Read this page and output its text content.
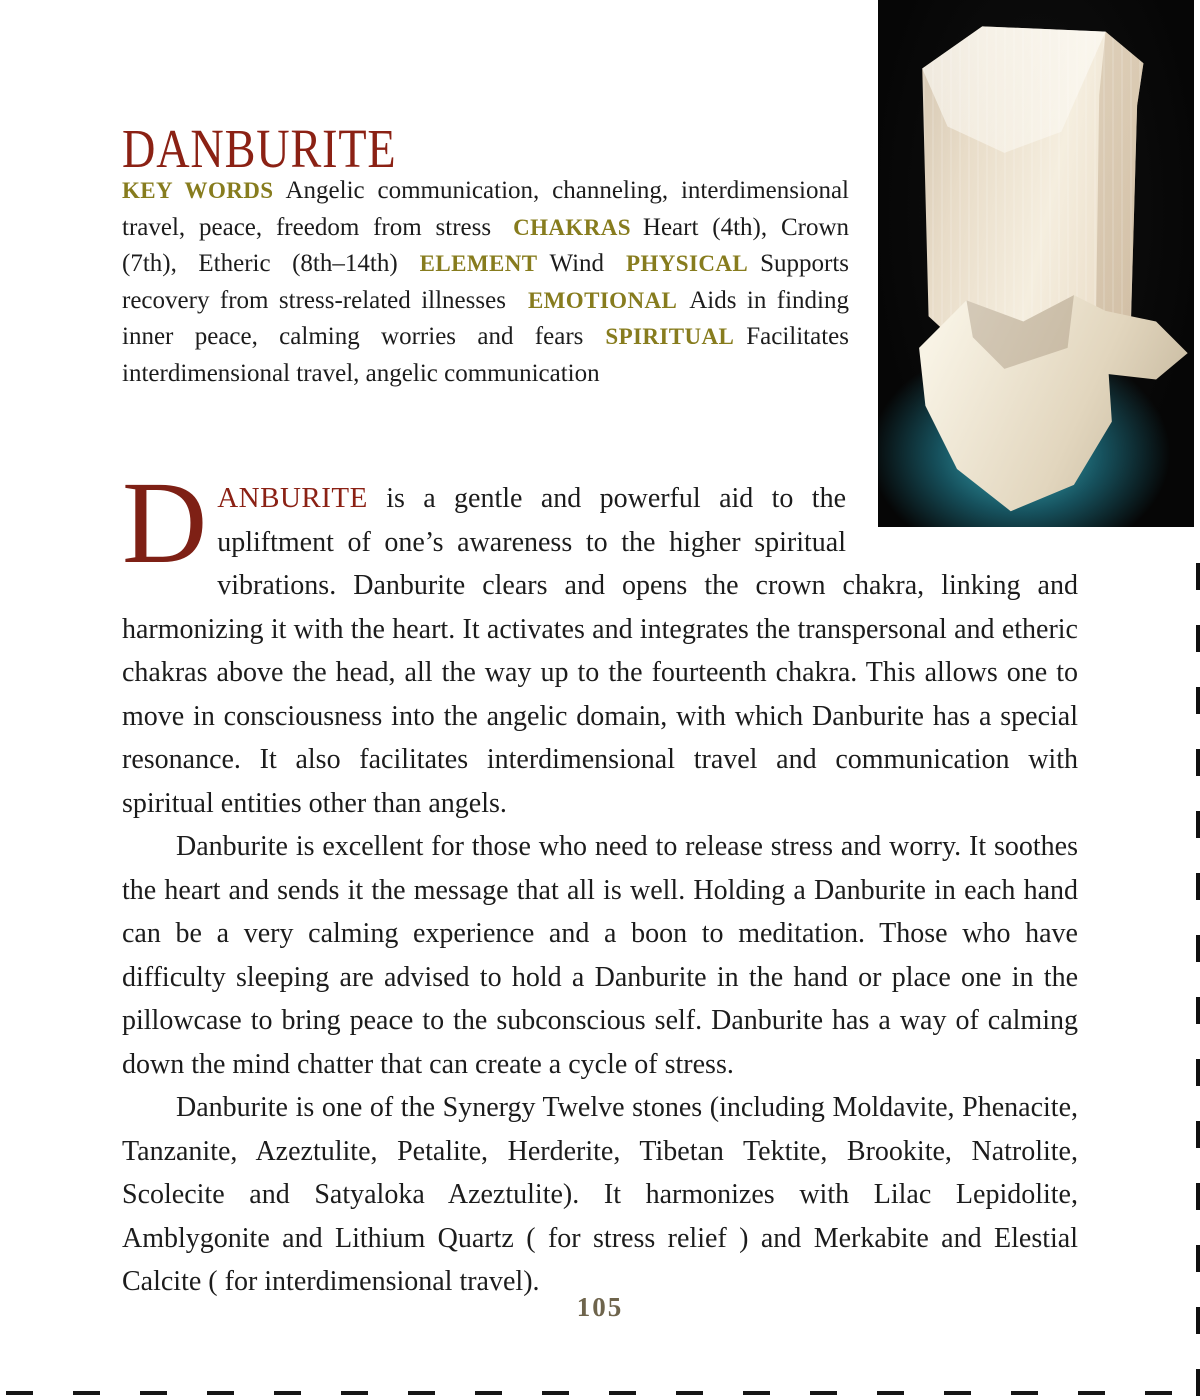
DANBURITE

KEY WORDS Angelic communication, channeling, interdimensional travel, peace, freedom from stress CHAKRAS Heart (4th), Crown (7th), Etheric (8th–14th) ELEMENT Wind PHYSICAL Supports recovery from stress-related illnesses EMOTIONAL Aids in finding inner peace, calming worries and fears SPIRITUAL Facilitates interdimensional travel, angelic communication

DANBURITE is a gentle and powerful aid to the upliftment of one’s awareness to the higher spiritual vibrations. Danburite clears and opens the crown chakra, linking and harmonizing it with the heart. It activates and integrates the transpersonal and etheric chakras above the head, all the way up to the fourteenth chakra. This allows one to move in consciousness into the angelic domain, with which Danburite has a special resonance. It also facilitates interdimensional travel and communication with spiritual entities other than angels.

Danburite is excellent for those who need to release stress and worry. It soothes the heart and sends it the message that all is well. Holding a Danburite in each hand can be a very calming experience and a boon to meditation. Those who have difficulty sleeping are advised to hold a Danburite in the hand or place one in the pillowcase to bring peace to the subconscious self. Danburite has a way of calming down the mind chatter that can create a cycle of stress.

Danburite is one of the Synergy Twelve stones (including Moldavite, Phenacite, Tanzanite, Azeztulite, Petalite, Herderite, Tibetan Tektite, Brookite, Natrolite, Scolecite and Satyaloka Azeztulite). It harmonizes with Lilac Lepidolite, Amblygonite and Lithium Quartz ( for stress relief ) and Merkabite and Elestial Calcite ( for interdimensional travel).

105
